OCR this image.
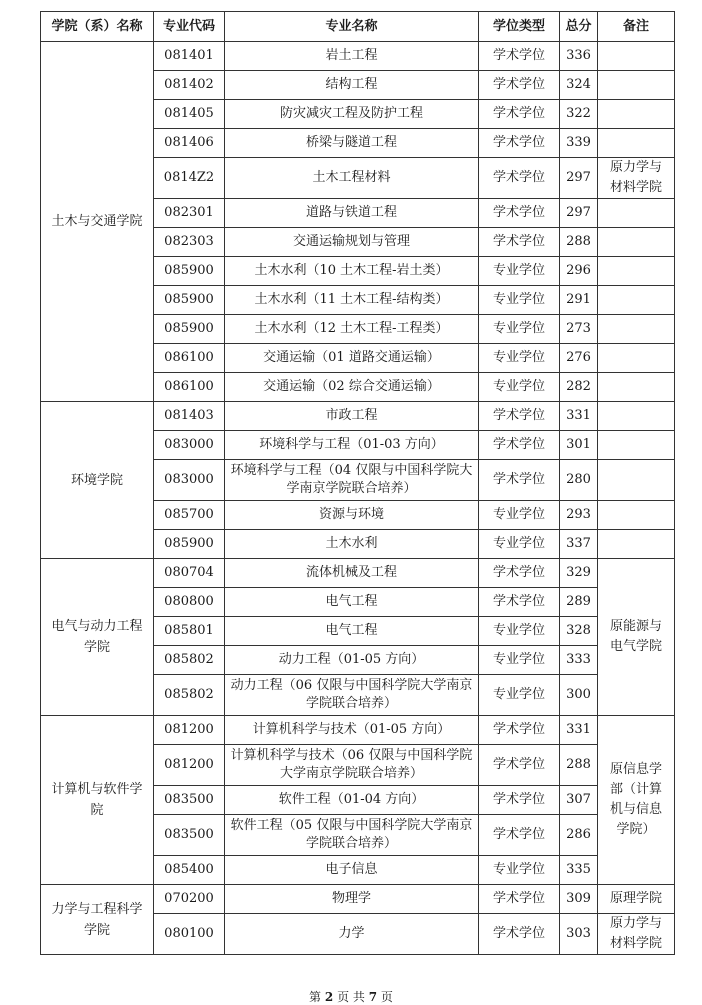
学院（系）名称	专业代码	专业名称	学位类型	总分	备注
土木与交通学院	081401	岩土工程	学术学位	336	
	081402	结构工程	学术学位	324	
	081405	防灾减灾工程及防护工程	学术学位	322	
	081406	桥梁与隧道工程	学术学位	339	
	0814Z2	土木工程材料	学术学位	297	原力学与材料学院
	082301	道路与铁道工程	学术学位	297	
	082303	交通运输规划与管理	学术学位	288	
	085900	土木水利（10 土木工程-岩土类）	专业学位	296	
	085900	土木水利（11 土木工程-结构类）	专业学位	291	
	085900	土木水利（12 土木工程-工程类）	专业学位	273	
	086100	交通运输（01 道路交通运输）	专业学位	276	
	086100	交通运输（02 综合交通运输）	专业学位	282	
环境学院	081403	市政工程	学术学位	331	
	083000	环境科学与工程（01-03 方向）	学术学位	301	
	083000	环境科学与工程（04 仅限与中国科学院大学南京学院联合培养）	学术学位	280	
	085700	资源与环境	专业学位	293	
	085900	土木水利	专业学位	337	
电气与动力工程学院	080704	流体机械及工程	学术学位	329	原能源与电气学院
	080800	电气工程	学术学位	289	
	085801	电气工程	专业学位	328	
	085802	动力工程（01-05 方向）	专业学位	333	
	085802	动力工程（06 仅限与中国科学院大学南京学院联合培养）	专业学位	300	
计算机与软件学院	081200	计算机科学与技术（01-05 方向）	学术学位	331	原信息学部（计算机与信息学院）
	081200	计算机科学与技术（06 仅限与中国科学院大学南京学院联合培养）	学术学位	288	
	083500	软件工程（01-04 方向）	学术学位	307	
	083500	软件工程（05 仅限与中国科学院大学南京学院联合培养）	学术学位	286	
	085400	电子信息	专业学位	335	
力学与工程科学学院	070200	物理学	学术学位	309	原理学院
	080100	力学	学术学位	303	原力学与材料学院
第 2 页 共 7 页
